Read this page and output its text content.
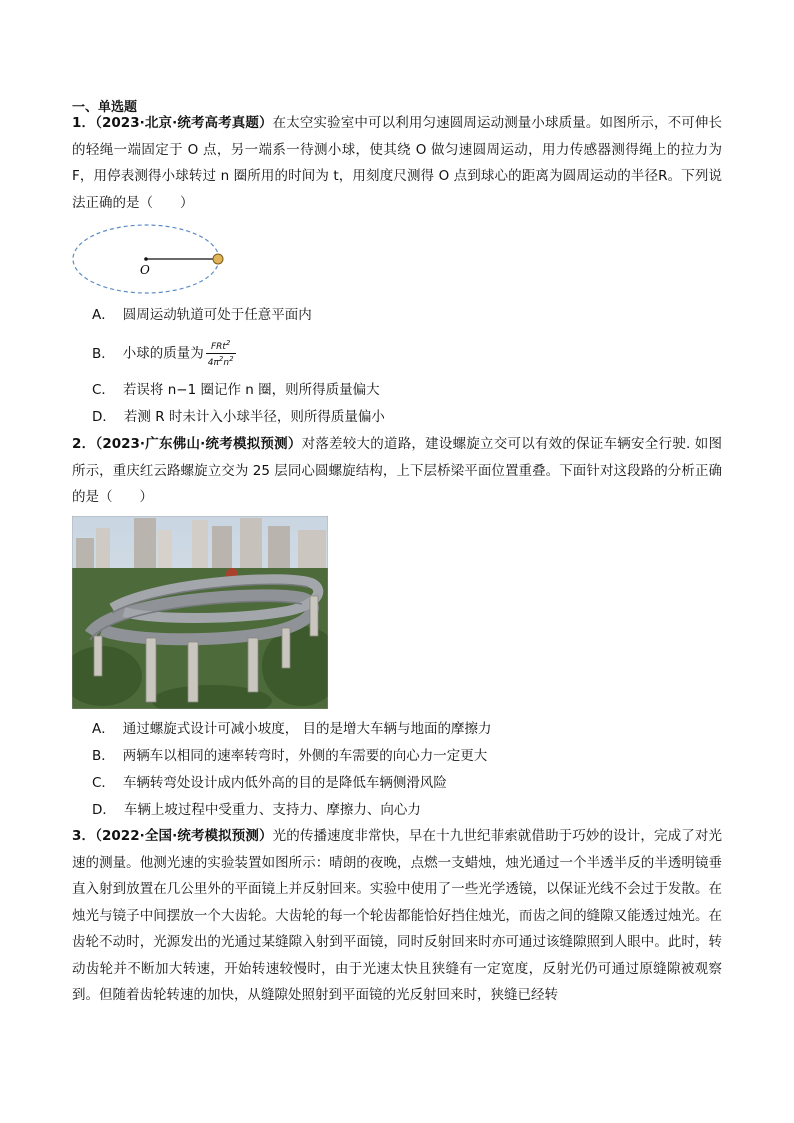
一、单选题

1．（2023·北京·统考高考真题）在太空实验室中可以利用匀速圆周运动测量小球质量。如图所示，不可伸长的轻绳一端固定于 O 点，另一端系一待测小球，使其绕 O 做匀速圆周运动，用力传感器测得绳上的拉力为 F，用停表测得小球转过 n 圈所用的时间为 t，用刻度尺测得 O 点到球心的距离为圆周运动的半径R。下列说法正确的是（　　）

O
A． 圆周运动轨道可处于任意平面内
B． 小球的质量为 $\frac{FRt^2}{4\pi^2n^2}$
C． 若误将 n−1 圈记作 n 圈，则所得质量偏大
D． 若测 R 时未计入小球半径，则所得质量偏小

2．（2023·广东佛山·统考模拟预测）对落差较大的道路，建设螺旋立交可以有效的保证车辆安全行驶. 如图所示，重庆红云路螺旋立交为 25 层同心圆螺旋结构，上下层桥梁平面位置重叠。下面针对这段路的分析正确的是（　　）

A． 通过螺旋式设计可减小坡度， 目的是增大车辆与地面的摩擦力
B． 两辆车以相同的速率转弯时，外侧的车需要的向心力一定更大
C． 车辆转弯处设计成内低外高的目的是降低车辆侧滑风险
D． 车辆上坡过程中受重力、支持力、摩擦力、向心力

3．（2022·全国·统考模拟预测）光的传播速度非常快，早在十九世纪菲索就借助于巧妙的设计，完成了对光速的测量。他测光速的实验装置如图所示：晴朗的夜晚，点燃一支蜡烛，烛光通过一个半透半反的半透明镜垂直入射到放置在几公里外的平面镜上并反射回来。实验中使用了一些光学透镜，以保证光线不会过于发散。在烛光与镜子中间摆放一个大齿轮。大齿轮的每一个轮齿都能恰好挡住烛光，而齿之间的缝隙又能透过烛光。在齿轮不动时，光源发出的光通过某缝隙入射到平面镜，同时反射回来时亦可通过该缝隙照到人眼中。此时，转动齿轮并不断加大转速，开始转速较慢时，由于光速太快且狭缝有一定宽度，反射光仍可通过原缝隙被观察到。但随着齿轮转速的加快，从缝隙处照射到平面镜的光反射回来时，狭缝已经转
